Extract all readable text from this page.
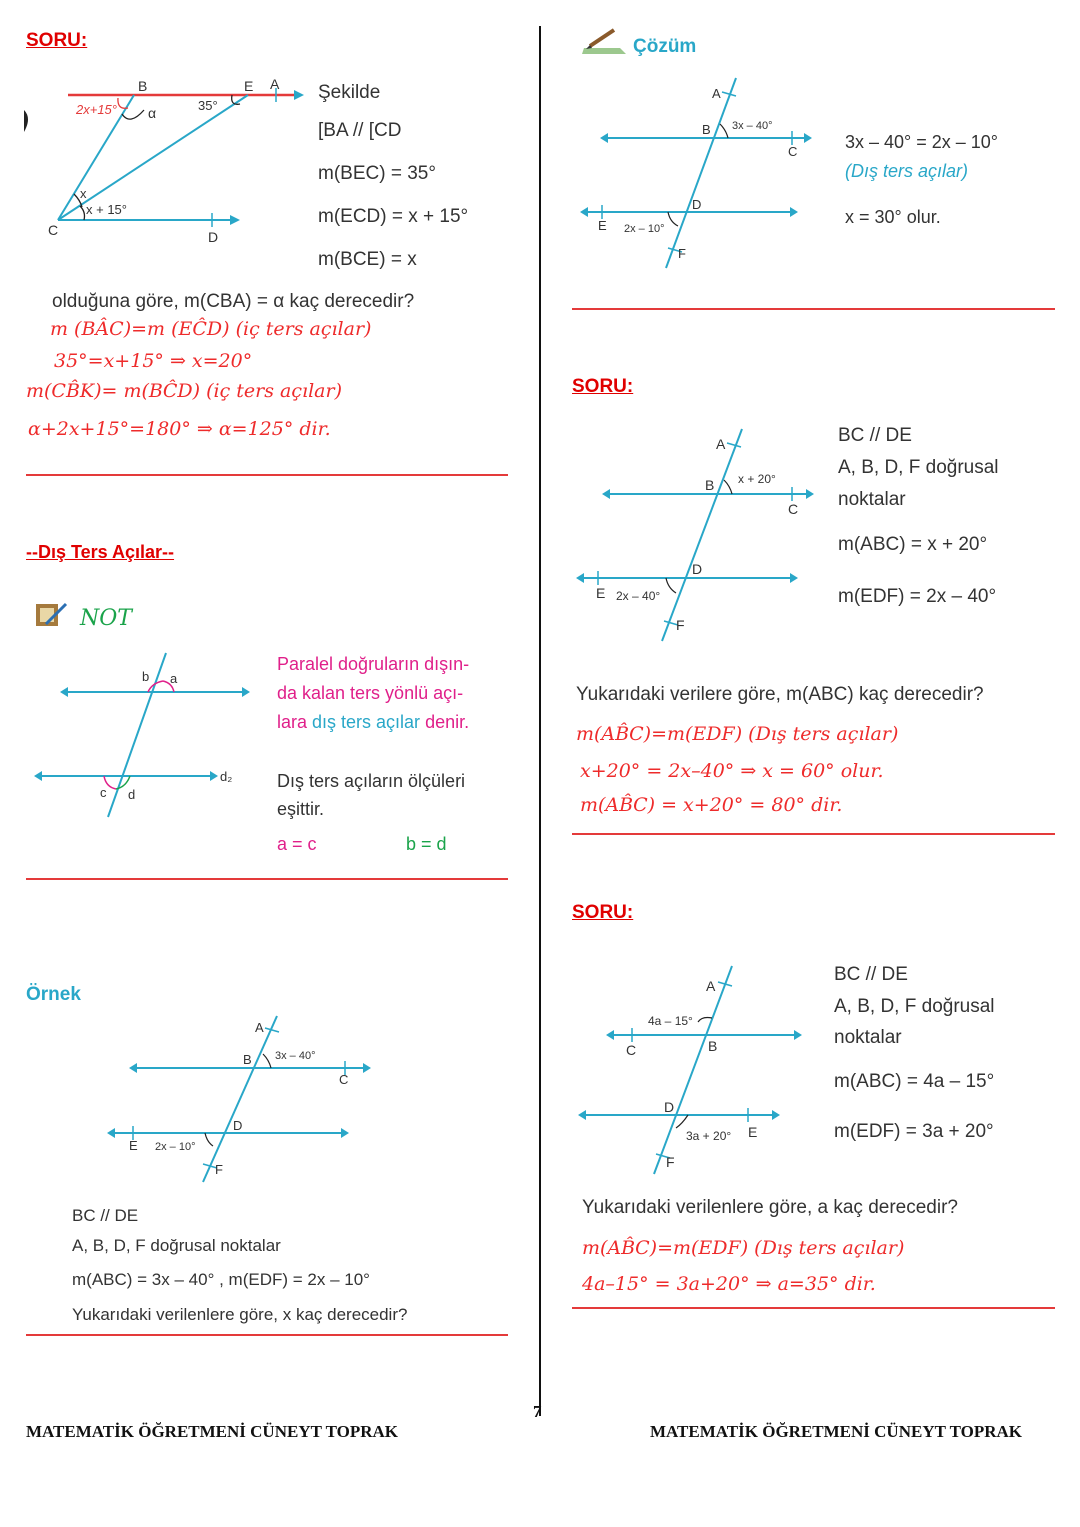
SORU:
B	E A
C	D
2x+15° α	35°
x
x + 15°
Şekilde
[BA // [CD
m(BEC) = 35°
m(ECD) = x + 15°
m(BCE) = x
olduğuna göre, m(CBA) = α kaç derecedir?
m (BÂC)=m (EĈD) (iç ters açılar)
35°=x+15° ⇒ x=20°
m(CB̂K)= m(BĈD) (iç ters açılar)
α+2x+15°=180° ⇒ α=125° dir.
--Dış Ters Açılar--
NOT
b a
c d
d₂
Paralel doğruların dışın-
da kalan ters yönlü açı-
lara dış ters açılar denir.
Dış ters açıların ölçüleri
eşittir.
a = c	b = d
Örnek
A
B
C
D
E
F
3x – 40°
2x – 10°
BC // DE
A, B, D, F doğrusal noktalar
m(ABC) = 3x – 40° , m(EDF) = 2x – 10°
Yukarıdaki verilenlere göre, x kaç derecedir?
Çözüm
A
B
C
D
E
F
3x – 40°
2x – 10°
3x – 40° = 2x – 10°
(Dış ters açılar)
x = 30° olur.
SORU:
A
B
C
D
E
F
x + 20°
2x – 40°
BC // DE
A, B, D, F doğrusal
noktalar
m(ABC) = x + 20°
m(EDF) = 2x – 40°
Yukarıdaki verilere göre, m(ABC) kaç derecedir?
m(AB̂C)=m(EDF) (Dış ters açılar)
x+20° = 2x–40° ⇒ x = 60° olur.
m(AB̂C) = x+20° = 80° dir.
SORU:
A
B
C
D
E
F
4a – 15°
3a + 20°
BC // DE
A, B, D, F doğrusal
noktalar
m(ABC) = 4a – 15°
m(EDF) = 3a + 20°
Yukarıdaki verilenlere göre, a kaç derecedir?
m(AB̂C)=m(EDF) (Dış ters açılar)
4a–15° = 3a+20° ⇒ a=35° dir.
7
MATEMATİK ÖĞRETMENİ CÜNEYT TOPRAK	MATEMATİK ÖĞRETMENİ CÜNEYT TOPRAK
